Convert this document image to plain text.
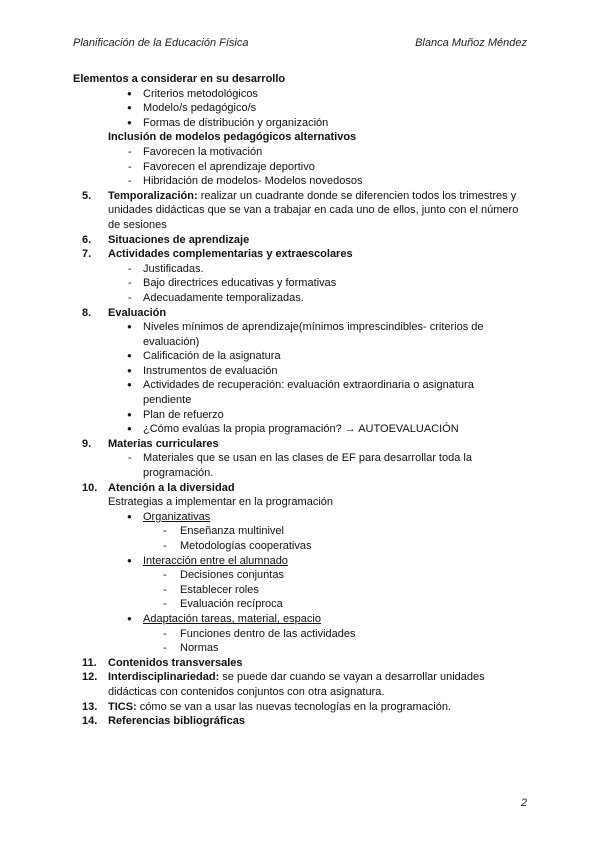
Planificación de la Educación Física	Blanca Muñoz Méndez
Elementos a considerar en su desarrollo
● Criterios metodológicos
● Modelo/s pedagógico/s
● Formas de distribución y organización
Inclusión de modelos pedagógicos alternativos
- Favorecen la motivación
- Favorecen el aprendizaje deportivo
- Hibridación de modelos- Modelos novedosos
5.	Temporalización: realizar un cuadrante donde se diferencien todos los trimestres y
unidades didácticas que se van a trabajar en cada uno de ellos, junto con el número
de sesiones
6.	Situaciones de aprendizaje
7.	Actividades complementarias y extraescolares
- Justificadas.
- Bajo directrices educativas y formativas
- Adecuadamente temporalizadas.
8.	Evaluación
● Niveles mínimos de aprendizaje(mínimos imprescindibles- criterios de
evaluación)
● Calificación de la asignatura
● Instrumentos de evaluación
● Actividades de recuperación: evaluación extraordinaria o asignatura
pendiente
● Plan de refuerzo
● ¿Cómo evalúas la propia programación? → AUTOEVALUACIÓN
9.	Materias curriculares
- Materiales que se usan en las clases de EF para desarrollar toda la
programación.
10. Atención a la diversidad
Estrategias a implementar en la programación
● Organizativas
- Enseñanza multinivel
- Metodologías cooperativas
● Interacción entre el alumnado
- Decisiones conjuntas
- Establecer roles
- Evaluación recíproca
● Adaptación tareas, material, espacio
- Funciones dentro de las actividades
- Normas
11.	Contenidos transversales
12. Interdisciplinariedad: se puede dar cuando se vayan a desarrollar unidades
didácticas con contenidos conjuntos con otra asignatura.
13. TICS: cómo se van a usar las nuevas tecnologías en la programación.
14. Referencias bibliográficas
2
